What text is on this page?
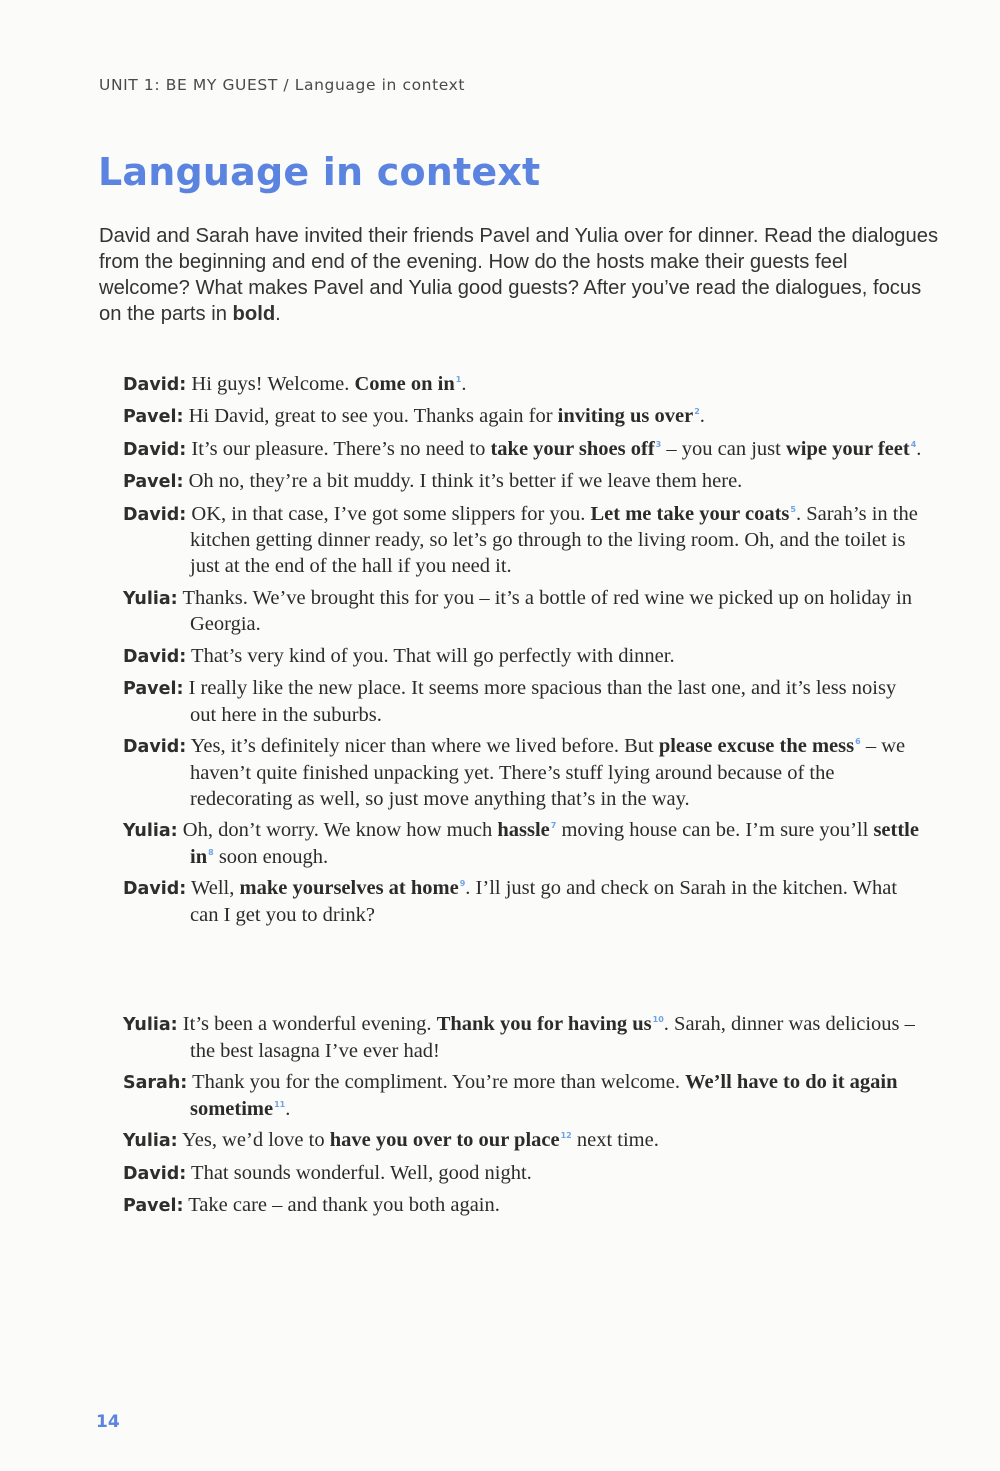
UNIT 1: BE MY GUEST / Language in context
Language in context

David and Sarah have invited their friends Pavel and Yulia over for dinner. Read the dialogues from the beginning and end of the evening. How do the hosts make their guests feel welcome? What makes Pavel and Yulia good guests? After you’ve read the dialogues, focus on the parts in bold.

David: Hi guys! Welcome. Come on in$^1$.
Pavel: Hi David, great to see you. Thanks again for inviting us over$^2$.
David: It’s our pleasure. There’s no need to take your shoes off$^3$ – you can just wipe your feet$^4$.
Pavel: Oh no, they’re a bit muddy. I think it’s better if we leave them here.
David: OK, in that case, I’ve got some slippers for you. Let me take your coats$^5$. Sarah’s in the kitchen getting dinner ready, so let’s go through to the living room. Oh, and the toilet is just at the end of the hall if you need it.
Yulia: Thanks. We’ve brought this for you – it’s a bottle of red wine we picked up on holiday in Georgia.
David: That’s very kind of you. That will go perfectly with dinner.
Pavel: I really like the new place. It seems more spacious than the last one, and it’s less noisy out here in the suburbs.
David: Yes, it’s definitely nicer than where we lived before. But please excuse the mess$^6$ – we haven’t quite finished unpacking yet. There’s stuff lying around because of the redecorating as well, so just move anything that’s in the way.
Yulia: Oh, don’t worry. We know how much hassle$^7$ moving house can be. I’m sure you’ll settle in$^8$ soon enough.
David: Well, make yourselves at home$^9$. I’ll just go and check on Sarah in the kitchen. What can I get you to drink?
Yulia: It’s been a wonderful evening. Thank you for having us$^{10}$. Sarah, dinner was delicious – the best lasagna I’ve ever had!
Sarah: Thank you for the compliment. You’re more than welcome. We’ll have to do it again sometime$^{11}$.
Yulia: Yes, we’d love to have you over to our place$^{12}$ next time.
David: That sounds wonderful. Well, good night.
Pavel: Take care – and thank you both again.
14
